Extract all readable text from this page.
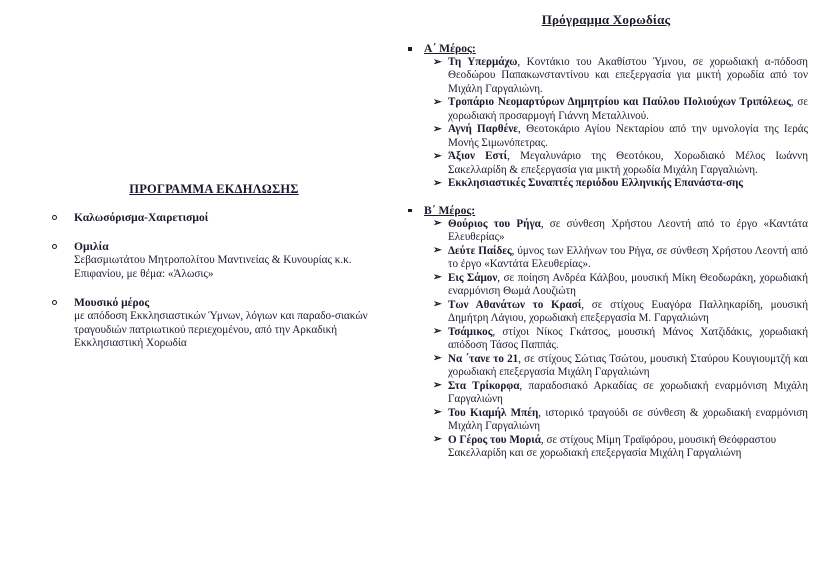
ΠΡΟΓΡΑΜΜΑ ΕΚΔΗΛΩΣΗΣ
Καλωσόρισμα-Χαιρετισμοί
Ομιλία
Σεβασμιωτάτου Μητροπολίτου Μαντινείας & Κυνουρίας κ.κ. Επιφανίου, με θέμα: «Άλωσις»
Μουσικό μέρος
με απόδοση Εκκλησιαστικών Ύμνων, λόγιων και παραδο-σιακών τραγουδιών πατριωτικού περιεχομένου, από την Αρκαδική Εκκλησιαστική Χορωδία
Πρόγραμμα Χορωδίας
Α΄ Μέρος:
➢ Τη Υπερμάχω, Κοντάκιο του Ακαθίστου Ύμνου, σε χορωδιακή α-πόδοση Θεοδώρου Παπακωνσταντίνου και επεξεργασία για μικτή χορωδία από τον Μιχάλη Γαργαλιώνη.
➢ Τροπάριο Νεομαρτύρων Δημητρίου και Παύλου Πολιούχων Τριπόλεως, σε χορωδιακή προσαρμογή Γιάννη Μεταλλινού.
➢ Αγνή Παρθένε, Θεοτοκάριο Αγίου Νεκταρίου από την υμνολογία της Ιεράς Μονής Σιμωνόπετρας.
➢ Άξιον Εστί, Μεγαλυνάριο της Θεοτόκου, Χορωδιακό Μέλος Ιωάννη Σακελλαρίδη & επεξεργασία για μικτή χορωδία Μιχάλη Γαργαλιώνη.
➢ Εκκλησιαστικές Συναπτές περιόδου Ελληνικής Επανάστα-σης
Β΄ Μέρος:
➢ Θούριος του Ρήγα, σε σύνθεση Χρήστου Λεοντή από το έργο «Καντάτα Ελευθερίας»
➢ Δεύτε Παίδες, ύμνος των Ελλήνων του Ρήγα, σε σύνθεση Χρήστου Λεοντή από το έργο «Καντάτα Ελευθερίας».
➢ Εις Σάμον, σε ποίηση Ανδρέα Κάλβου, μουσική Μίκη Θεοδωράκη, χορωδιακή εναρμόνιση Θωμά Λουζιώτη
➢ Των Αθανάτων το Κρασί, σε στίχους Ευαγόρα Παλληκαρίδη, μουσική Δημήτρη Λάγιου, χορωδιακή επεξεργασία Μ. Γαργαλιώνη
➢ Τσάμικος, στίχοι Νίκος Γκάτσος, μουσική Μάνος Χατζιδάκις, χορωδιακή απόδοση Τάσος Παππάς.
➢ Να ΄τανε το 21, σε στίχους Σώτιας Τσώτου, μουσική Σταύρου Κουγιουμτζή και χορωδιακή επεξεργασία Μιχάλη Γαργαλιώνη
➢ Στα Τρίκορφα, παραδοσιακό Αρκαδίας σε χορωδιακή εναρμόνιση Μιχάλη Γαργαλιώνη
➢ Του Κιαμήλ Μπέη, ιστορικό τραγούδι σε σύνθεση & χορωδιακή εναρμόνιση Μιχάλη Γαργαλιώνη
➢ Ο Γέρος του Μοριά, σε στίχους Μίμη Τραϊφόρου, μουσική Θεόφραστου Σακελλαρίδη και σε χορωδιακή επεξεργασία Μιχάλη Γαργαλιώνη
